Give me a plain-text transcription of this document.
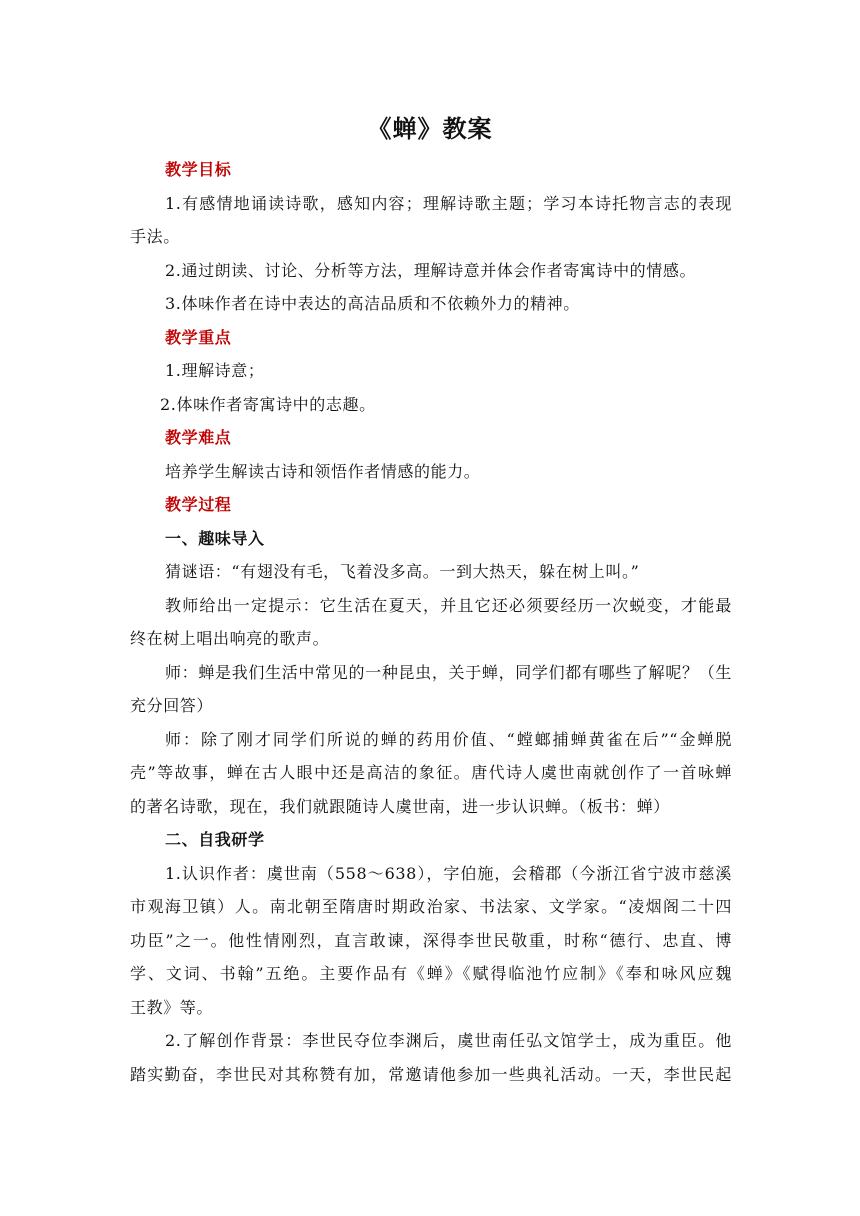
《蝉》教案
教学目标
1.有感情地诵读诗歌，感知内容；理解诗歌主题；学习本诗托物言志的表现
手法。
2.通过朗读、讨论、分析等方法，理解诗意并体会作者寄寓诗中的情感。
3.体味作者在诗中表达的高洁品质和不依赖外力的精神。
教学重点
1.理解诗意；
2.体味作者寄寓诗中的志趣。
教学难点
培养学生解读古诗和领悟作者情感的能力。
教学过程
一、趣味导入
猜谜语：“有翅没有毛，飞着没多高。一到大热天，躲在树上叫。”
教师给出一定提示：它生活在夏天，并且它还必须要经历一次蜕变，才能最
终在树上唱出响亮的歌声。
师：蝉是我们生活中常见的一种昆虫，关于蝉，同学们都有哪些了解呢？（生
充分回答）
师：除了刚才同学们所说的蝉的药用价值、“螳螂捕蝉黄雀在后”“金蝉脱
壳”等故事，蝉在古人眼中还是高洁的象征。唐代诗人虞世南就创作了一首咏蝉
的著名诗歌，现在，我们就跟随诗人虞世南，进一步认识蝉。（板书：蝉）
二、自我研学
1.认识作者：虞世南（558～638），字伯施，会稽郡（今浙江省宁波市慈溪
市观海卫镇）人。南北朝至隋唐时期政治家、书法家、文学家。“凌烟阁二十四
功臣”之一。他性情刚烈，直言敢谏，深得李世民敬重，时称“德行、忠直、博
学、文词、书翰”五绝。主要作品有《蝉》《赋得临池竹应制》《奉和咏风应魏
王教》等。
2.了解创作背景：李世民夺位李渊后，虞世南任弘文馆学士，成为重臣。他
踏实勤奋，李世民对其称赞有加，常邀请他参加一些典礼活动。一天，李世民起
